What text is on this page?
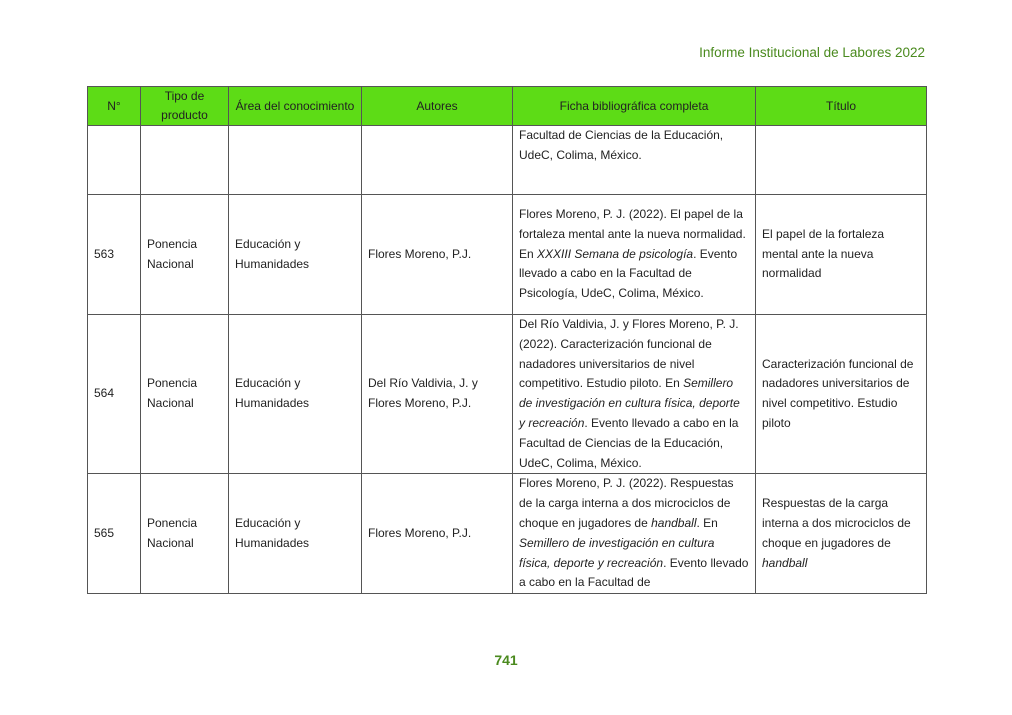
Informe Institucional de Labores 2022
N°	Tipo de producto	Área del conocimiento	Autores	Ficha bibliográfica completa	Título
				Facultad de Ciencias de la Educación, UdeC, Colima, México.	
563	Ponencia Nacional	Educación y Humanidades	Flores Moreno, P.J.	Flores Moreno, P. J. (2022). El papel de la fortaleza mental ante la nueva normalidad. En XXXIII Semana de psicología. Evento llevado a cabo en la Facultad de Psicología, UdeC, Colima, México.	El papel de la fortaleza mental ante la nueva normalidad
564	Ponencia Nacional	Educación y Humanidades	Del Río Valdivia, J. y Flores Moreno, P.J.	Del Río Valdivia, J. y Flores Moreno, P. J. (2022). Caracterización funcional de nadadores universitarios de nivel competitivo. Estudio piloto. En Semillero de investigación en cultura física, deporte y recreación. Evento llevado a cabo en la Facultad de Ciencias de la Educación, UdeC, Colima, México.	Caracterización funcional de nadadores universitarios de nivel competitivo. Estudio piloto
565	Ponencia Nacional	Educación y Humanidades	Flores Moreno, P.J.	Flores Moreno, P. J. (2022). Respuestas de la carga interna a dos microciclos de choque en jugadores de handball. En Semillero de investigación en cultura física, deporte y recreación. Evento llevado a cabo en la Facultad de	Respuestas de la carga interna a dos microciclos de choque en jugadores de handball
741
